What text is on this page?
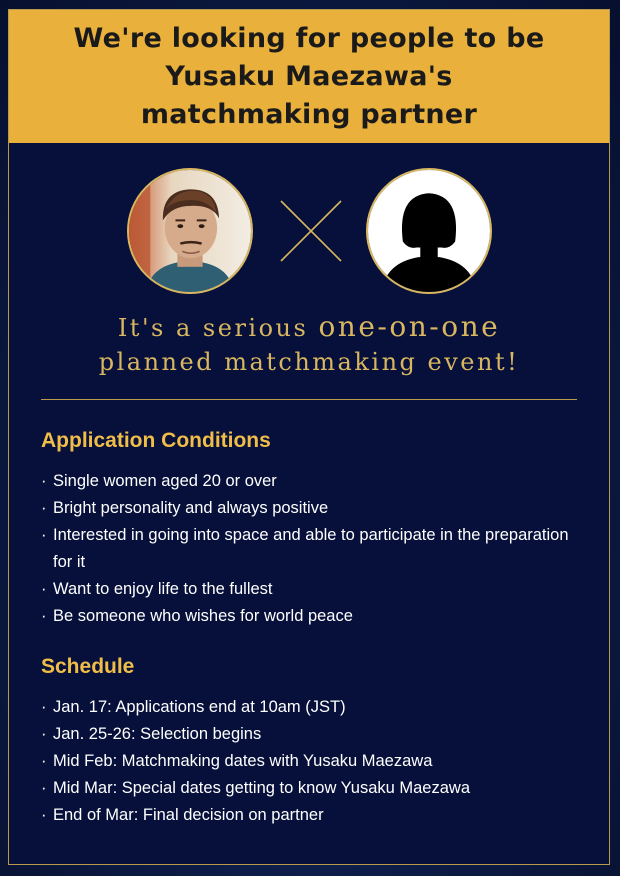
We're looking for people to be
Yusaku Maezawa's
matchmaking partner
It's a serious one-on-one
planned matchmaking event!
Application Conditions
· Single women aged 20 or over
· Bright personality and always positive
· Interested in going into space and able to participate in the preparation for it
· Want to enjoy life to the fullest
· Be someone who wishes for world peace
Schedule
· Jan. 17: Applications end at 10am (JST)
· Jan. 25-26: Selection begins
· Mid Feb: Matchmaking dates with Yusaku Maezawa
· Mid Mar: Special dates getting to know Yusaku Maezawa
· End of Mar: Final decision on partner
